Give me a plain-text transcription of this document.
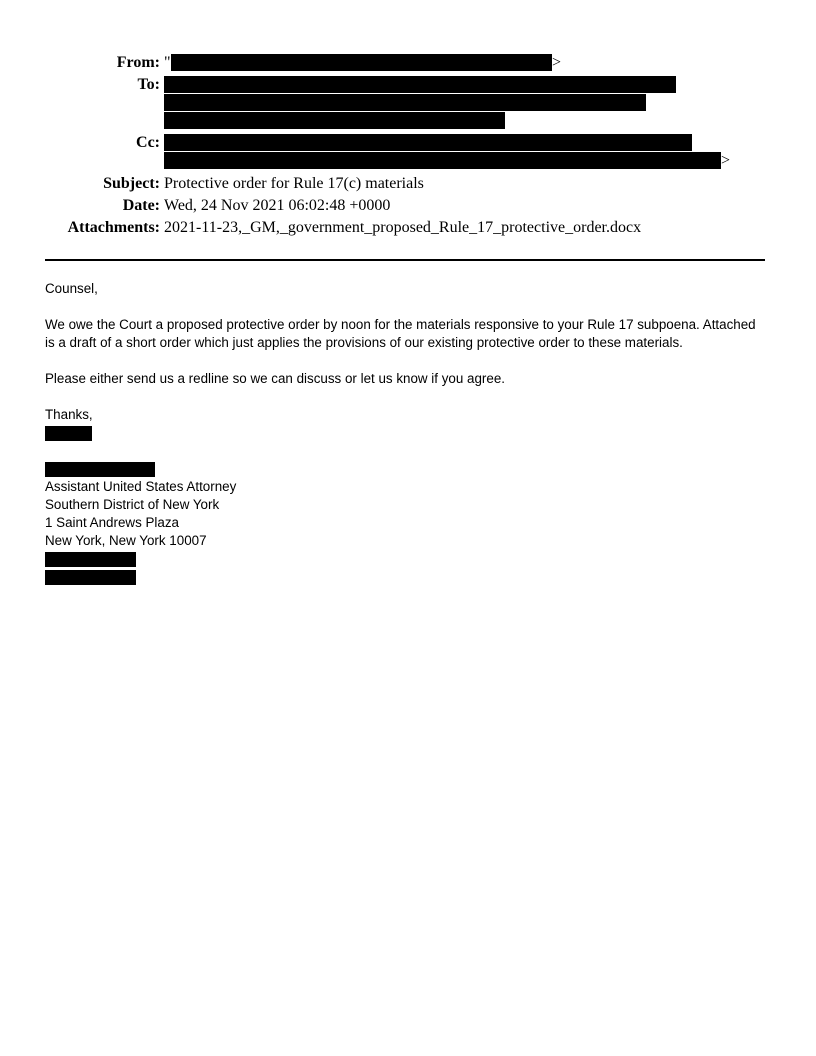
From:
To:
Cc:
Subject:
Date:
Attachments:
"	>
>
Protective order for Rule 17(c) materials
Wed, 24 Nov 2021 06:02:48 +0000
2021-11-23,_GM,_government_proposed_Rule_17_protective_order.docx
Counsel,
We owe the Court a proposed protective order by noon for the materials responsive to your Rule 17 subpoena. Attached
is a draft of a short order which just applies the provisions of our existing protective order to these materials.
Please either send us a redline so we can discuss or let us know if you agree.
Thanks,
Assistant United States Attorney
Southern District of New York
1 Saint Andrews Plaza
New York, New York 10007
